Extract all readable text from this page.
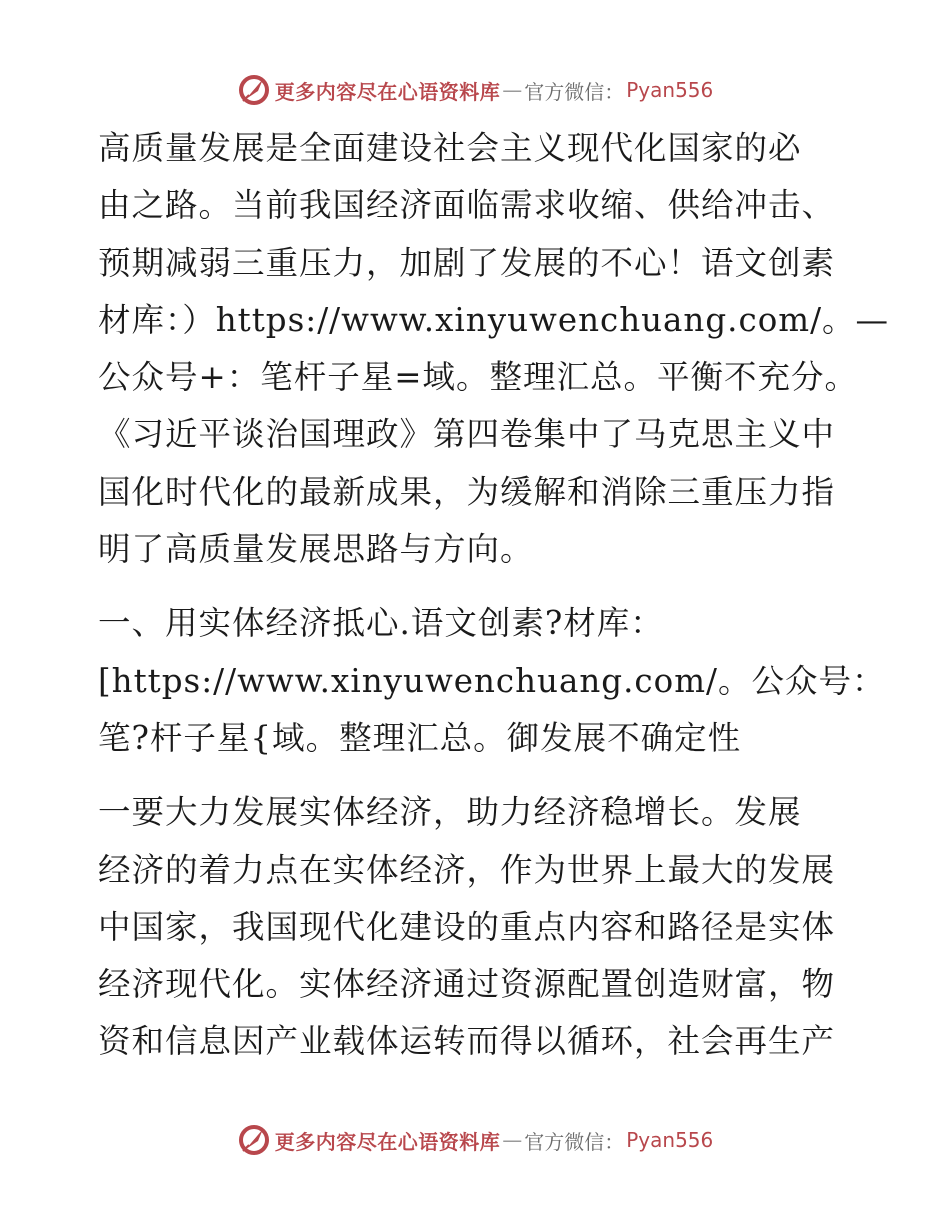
更多内容尽在心语资料库 — 官方微信： Pyan556

高质量发展是全面建设社会主义现代化国家的必
由之路。当前我国经济面临需求收缩、供给冲击、
预期减弱三重压力，加剧了发展的不心！语文创素
材库：）https://www.xinyuwenchuang.com/。—
公众号+：笔杆子星=域。整理汇总。平衡不充分。
《习近平谈治国理政》第四卷集中了马克思主义中
国化时代化的最新成果，为缓解和消除三重压力指
明了高质量发展思路与方向。

一、用实体经济抵心.语文创素?材库：
[https://www.xinyuwenchuang.com/。公众号：
笔?杆子星{域。整理汇总。御发展不确定性

一要大力发展实体经济，助力经济稳增长。发展
经济的着力点在实体经济，作为世界上最大的发展
中国家，我国现代化建设的重点内容和路径是实体
经济现代化。实体经济通过资源配置创造财富，物
资和信息因产业载体运转而得以循环，社会再生产

更多内容尽在心语资料库 — 官方微信： Pyan556
